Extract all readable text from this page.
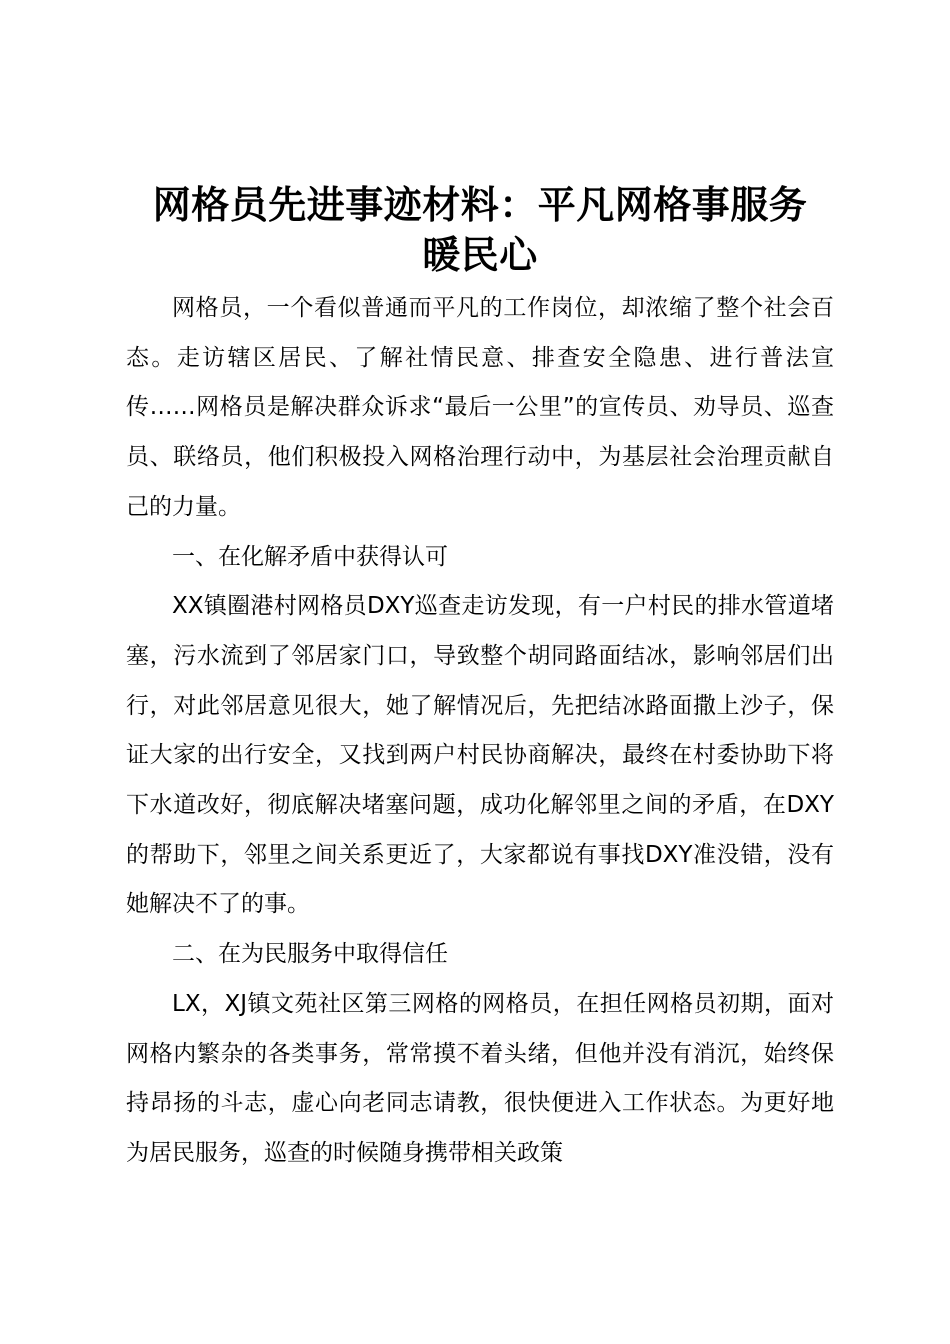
网格员先进事迹材料：平凡网格事服务
暖民心

网格员，一个看似普通而平凡的工作岗位，却浓缩了整个社会百态。走访辖区居民、了解社情民意、排查安全隐患、进行普法宣传……网格员是解决群众诉求“最后一公里”的宣传员、劝导员、巡查员、联络员，他们积极投入网格治理行动中，为基层社会治理贡献自己的力量。

一、在化解矛盾中获得认可

XX镇圈港村网格员DXY巡查走访发现，有一户村民的排水管道堵塞，污水流到了邻居家门口，导致整个胡同路面结冰，影响邻居们出行，对此邻居意见很大，她了解情况后，先把结冰路面撒上沙子，保证大家的出行安全，又找到两户村民协商解决，最终在村委协助下将下水道改好，彻底解决堵塞问题，成功化解邻里之间的矛盾，在DXY的帮助下，邻里之间关系更近了，大家都说有事找DXY准没错，没有她解决不了的事。

二、在为民服务中取得信任

LX，XJ镇文苑社区第三网格的网格员，在担任网格员初期，面对网格内繁杂的各类事务，常常摸不着头绪，但他并没有消沉，始终保持昂扬的斗志，虚心向老同志请教，很快便进入工作状态。为更好地为居民服务，巡查的时候随身携带相关政策
